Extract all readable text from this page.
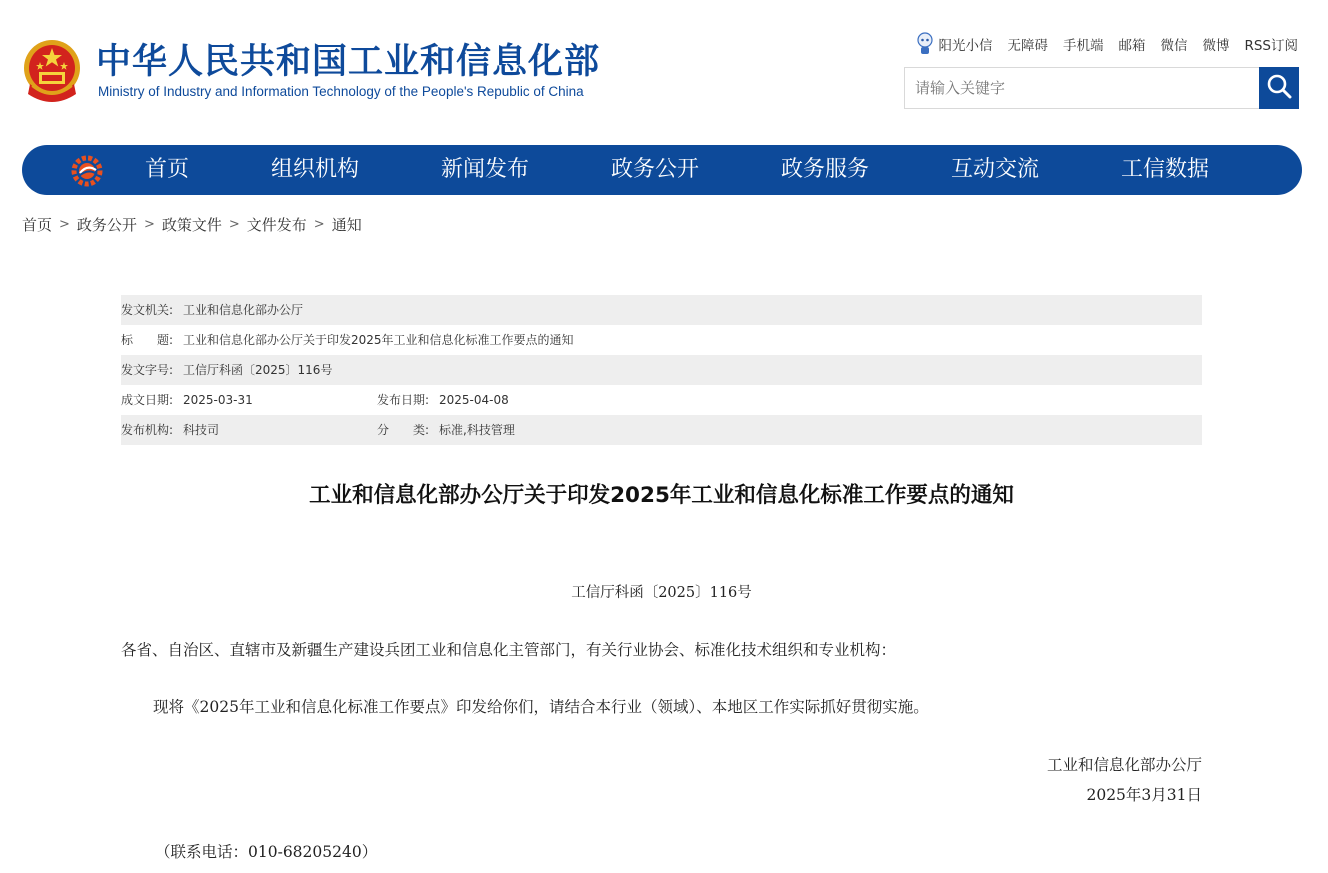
中华人民共和国工业和信息化部
Ministry of Industry and Information Technology of the People's Republic of China
阳光小信 无障碍 手机端 邮箱 微信 微博 RSS订阅
请输入关键字
首页	组织机构	新闻发布	政务公开	政务服务	互动交流	工信数据
首页 > 政务公开 > 政策文件 > 文件发布 > 通知
发文机关: 工业和信息化部办公厅
标　　题: 工业和信息化部办公厅关于印发2025年工业和信息化标准工作要点的通知
发文字号: 工信厅科函〔2025〕116号
成文日期: 2025-03-31	发布日期: 2025-04-08
发布机构: 科技司	分　　类: 标准,科技管理
工业和信息化部办公厅关于印发2025年工业和信息化标准工作要点的通知
工信厅科函〔2025〕116号
各省、自治区、直辖市及新疆生产建设兵团工业和信息化主管部门，有关行业协会、标准化技术组织和专业机构：
现将《2025年工业和信息化标准工作要点》印发给你们，请结合本行业（领域）、本地区工作实际抓好贯彻实施。
工业和信息化部办公厅
2025年3月31日
（联系电话：010-68205240）
